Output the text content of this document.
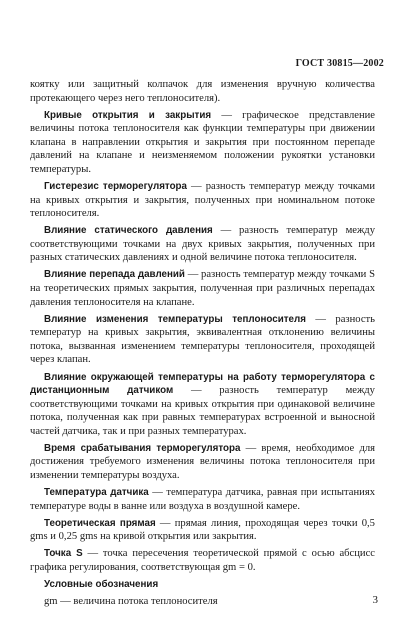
ГОСТ 30815—2002

коятку или защитный колпачок для изменения вручную количества протекающего через него теплоносителя).

Кривые открытия и закрытия — графическое представление величины потока теплоносителя как функции температуры при движении клапана в направлении открытия и закрытия при постоянном перепаде давлений на клапане и неизменяемом положении рукоятки установки температуры.

Гистерезис терморегулятора — разность температур между точками на кривых открытия и закрытия, полученных при номинальном потоке теплоносителя.

Влияние статического давления — разность температур между соответствующими точками на двух кривых закрытия, полученных при разных статических давлениях и одной величине потока теплоносителя.

Влияние перепада давлений — разность температур между точками S на теоретических прямых закрытия, полученная при различных перепадах давления теплоносителя на клапане.

Влияние изменения температуры теплоносителя — разность температур на кривых закрытия, эквивалентная отклонению величины потока, вызванная изменением температуры теплоносителя, проходящей через клапан.

Влияние окружающей температуры на работу терморегулятора с дистанционным датчиком — разность температур между соответствующими точками на кривых открытия при одинаковой величине потока, полученная как при равных температурах встроенной и выносной частей датчика, так и при разных температурах.

Время срабатывания терморегулятора — время, необходимое для достижения требуемого изменения величины потока теплоносителя при изменении температуры воздуха.

Температура датчика — температура датчика, равная при испытаниях температуре воды в ванне или воздуха в воздушной камере.

Теоретическая прямая — прямая линия, проходящая через точки 0,5 gms и 0,25 gms на кривой открытия или закрытия.

Точка S — точка пересечения теоретической прямой с осью абсцисс графика регулирования, соответствующая gm = 0.

Условные обозначения

gm — величина потока теплоносителя	3
